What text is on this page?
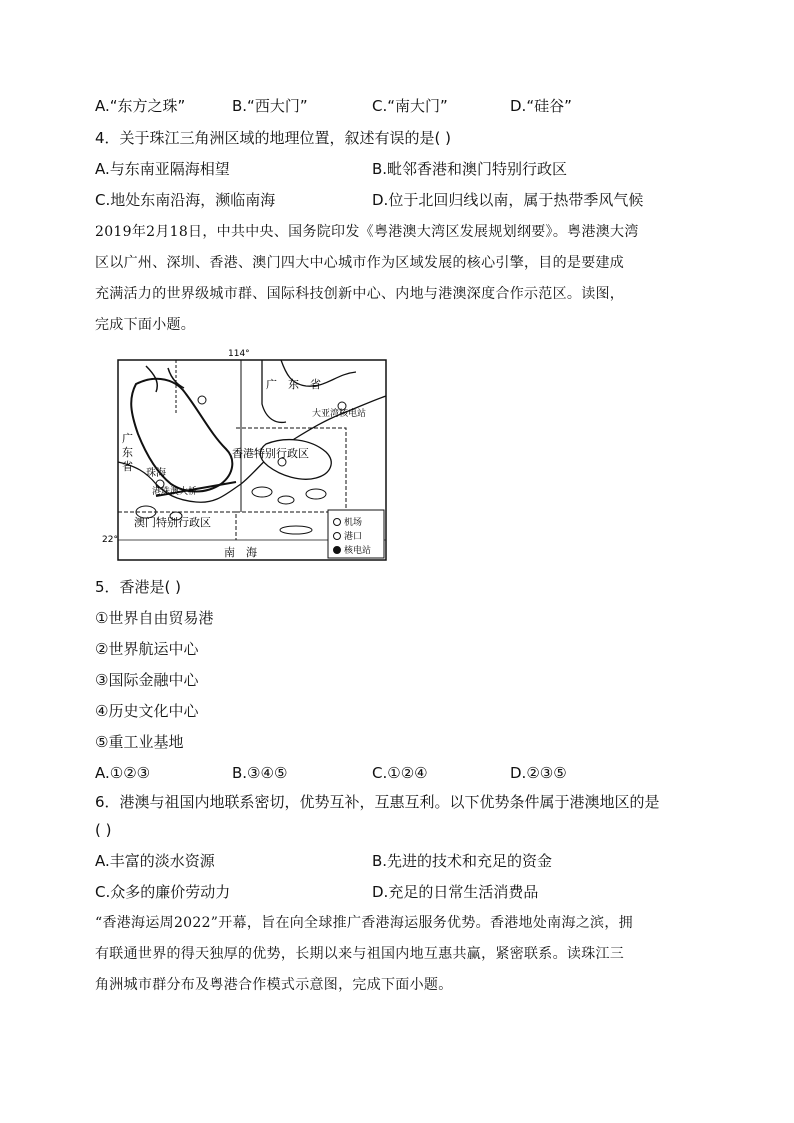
A.“东方之珠”	B.“西大门”	C.“南大门”	D.“硅谷”
4．关于珠江三角洲区域的地理位置，叙述有误的是( )
A.与东南亚隔海相望	B.毗邻香港和澳门特别行政区
C.地处东南沿海，濒临南海	D.位于北回归线以南，属于热带季风气候
2019年2月18日，中共中央、国务院印发《粤港澳大湾区发展规划纲要》。粤港澳大湾
区以广州、深圳、香港、澳门四大中心城市作为区域发展的核心引擎，目的是要建成
充满活力的世界级城市群、国际科技创新中心、内地与港澳深度合作示范区。读图，
完成下面小题。
114°
22°
广　东　省
广
东
省
香港特别行政区
珠海
港珠澳大桥
大亚湾核电站
澳门特别行政区
南　海
机场
港口
核电站
5．香港是( )
①世界自由贸易港
②世界航运中心
③国际金融中心
④历史文化中心
⑤重工业基地
A.①②③	B.③④⑤	C.①②④	D.②③⑤
6．港澳与祖国内地联系密切，优势互补，互惠互利。以下优势条件属于港澳地区的是
( )
A.丰富的淡水资源	B.先进的技术和充足的资金
C.众多的廉价劳动力	D.充足的日常生活消费品
“香港海运周2022”开幕，旨在向全球推广香港海运服务优势。香港地处南海之滨，拥
有联通世界的得天独厚的优势，长期以来与祖国内地互惠共赢，紧密联系。读珠江三
角洲城市群分布及粤港合作模式示意图，完成下面小题。
